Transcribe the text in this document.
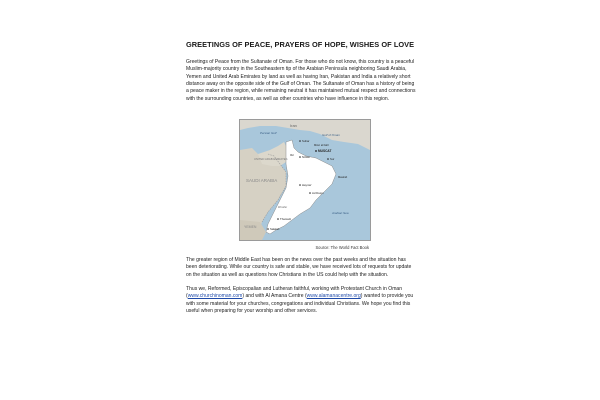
GREETINGS OF PEACE, PRAYERS OF HOPE, WISHES OF LOVE

Greetings of Peace from the Sultanate of Oman. For those who do not know, this country is a peaceful Muslim-majority country in the Southeastern tip of the Arabian Peninsula neighboring Saudi Arabia, Yemen and United Arab Emirates by land as well as having Iran, Pakistan and India a relatively short distance away on the opposite side of the Gulf of Oman. The Sultanate of Oman has a history of being a peace maker in the region, while remaining neutral it has maintained mutual respect and connections with the surrounding countries, as well as other countries who have influence in this region.

Iran
Persian Gulf	Gulf of Oman
UNITED ARAB EMIRATES
SAUDI ARABIA
YEMEN
Arabian Sea
MUSCAT
Suhar
Mina' al Fahl
Ibri	Nizwa	Sur
Haymā'
Ad Duqm
Dhofar
Thamarit
Salalah
Masirah
Source: The World Fact Book

The greater region of Middle East has been on the news over the past weeks and the situation has been deteriorating. While our country is safe and stable, we have received lots of requests for update on the situation as well as questions how Christians in the US could help with the situation.

Thus we, Reformed, Episcopalian and Lutheran faithful, working with Protestant Church in Oman (www.churchinoman.com) and with Al Amana Centre (www.alamanacentre.org) wanted to provide you with some material for your churches, congregations and individual Christians. We hope you find this useful when preparing for your worship and other services.
